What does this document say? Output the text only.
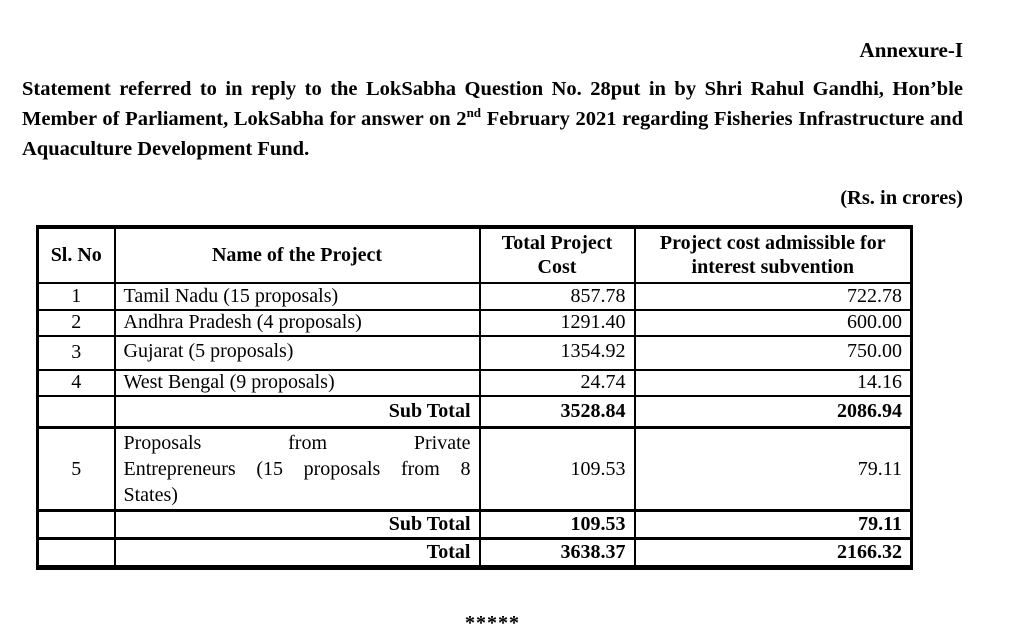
Annexure-I

Statement referred to in reply to the LokSabha Question No. 28put in by Shri Rahul Gandhi, Hon’ble Member of Parliament, LokSabha for answer on 2nd February 2021 regarding Fisheries Infrastructure and Aquaculture Development Fund.

(Rs. in crores)
Sl. No	Name of the Project	Total Project Cost	Project cost admissible for interest subvention
1	Tamil Nadu (15 proposals)	857.78	722.78
2	Andhra Pradesh (4 proposals)	1291.40	600.00
3	Gujarat (5 proposals)	1354.92	750.00
4	West Bengal (9 proposals)	24.74	14.16
	Sub Total	3528.84	2086.94
5	Proposals from Private
Entrepreneurs (15 proposals from 8
States)	109.53	79.11
	Sub Total	109.53	79.11
	Total	3638.37	2166.32
*****
